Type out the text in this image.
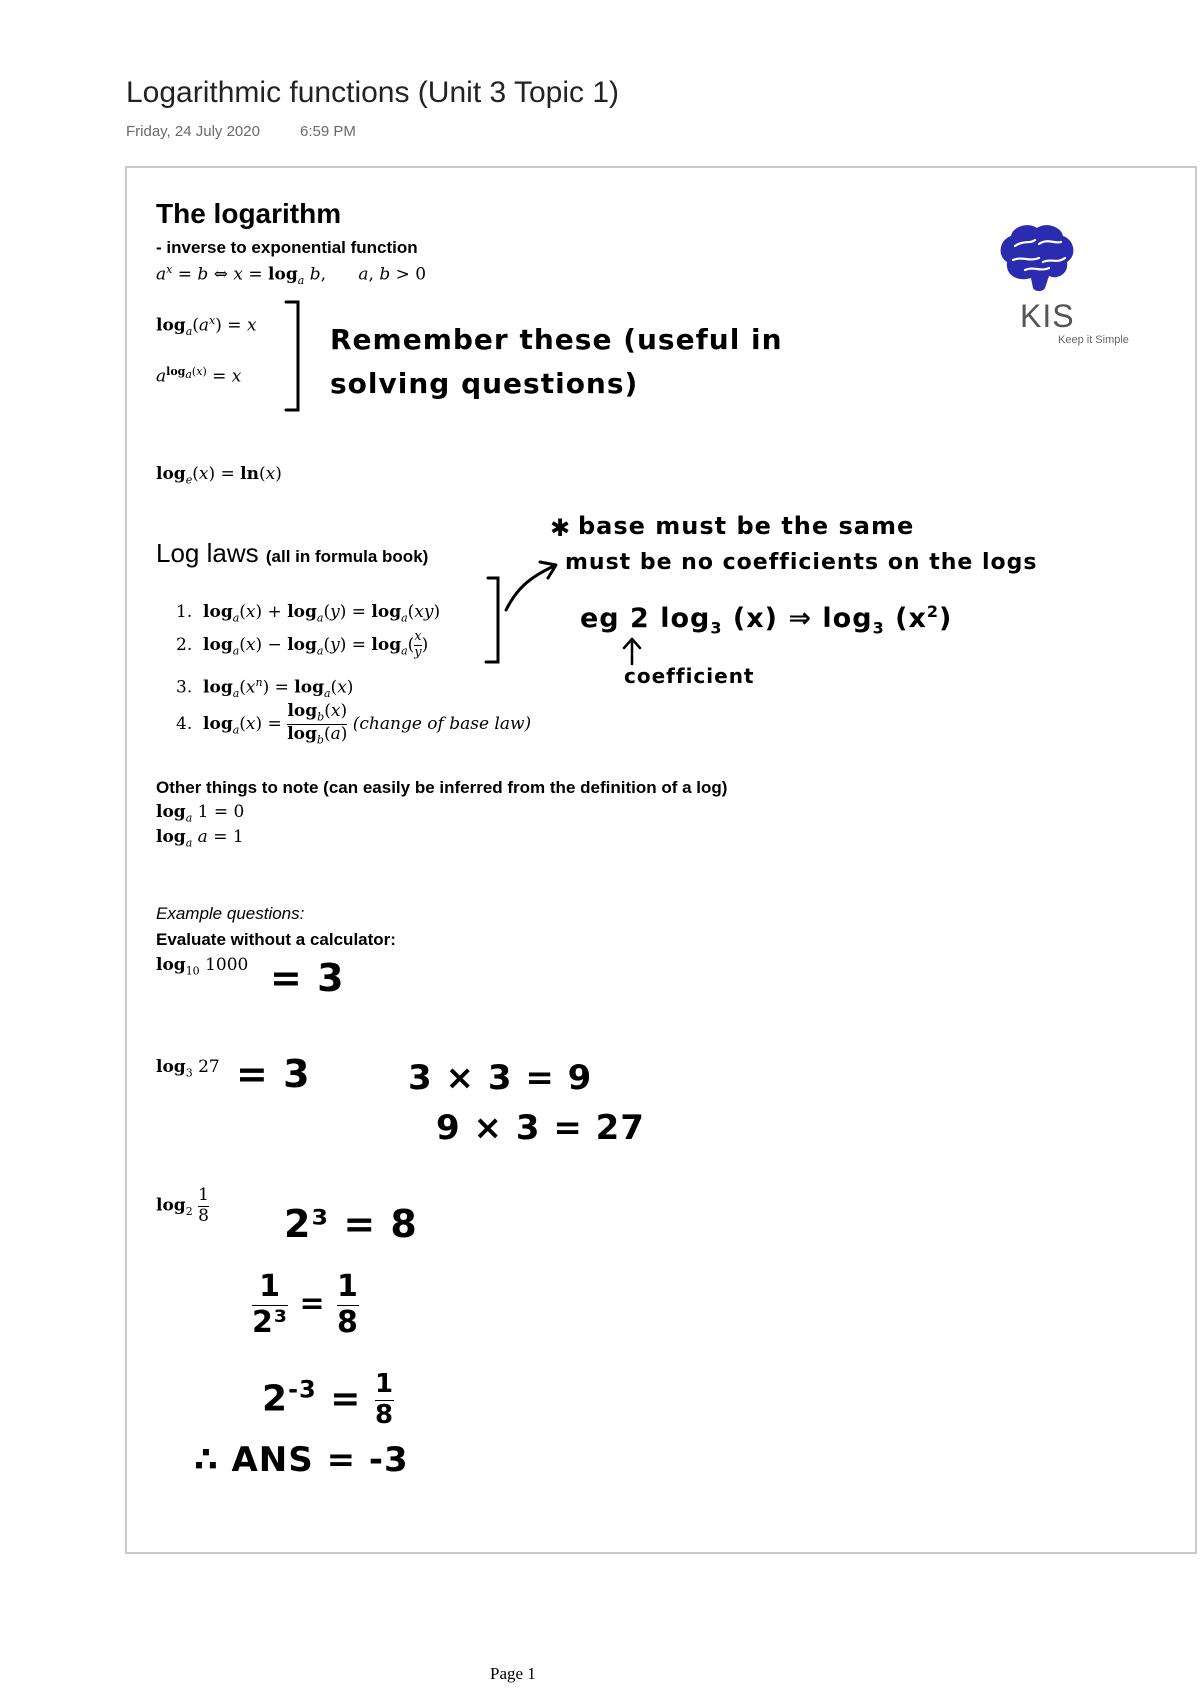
Logarithmic functions (Unit 3 Topic 1)
Friday, 24 July 2020	6:59 PM
KIS
Keep it Simple
The logarithm
- inverse to exponential function
$a^x = b$ ⇔ $x = \log_a b$,      a, b > 0
$\log_a(a^x) = x$
$a^{log_a(x)} = x$
Remember these (useful in solving questions)
$\log_e(x) = \ln(x)$
Log laws (all in formula book)
1.  $\log_a(x) + \log_a(y) = \log_a(xy)$
2.  $\log_a(x) - \log_a(y) = \log_a( \frac{x}{y}$ )
3.  $\log_a(x^n) = \log_a(x)$
4.  $\log_a(x) = \frac{\log_b(x)}{\log_b(a)}$ (change of base law)
✱ base must be the same
must be no coefficients on the logs
eg 2 $\log_3 (x)$ ⇒ $\log_3 (x^2)$
coefficient
Other things to note (can easily be inferred from the definition of a log)
$\log_a 1 = 0$
$\log_a a = 1$
Example questions:
Evaluate without a calculator:
$\log_{10} 1000 = 3$
$\log_3 27 = 3$	3 × 3 = 9
9 × 3 = 27
$\log_2 \frac{1}{8} 2^3 = 8$
$\frac{1}{\text{2³}} = \frac{1}{8}$
$2^{-3} = \frac{1}{8}$
∴ ANS = -3
Page 1
